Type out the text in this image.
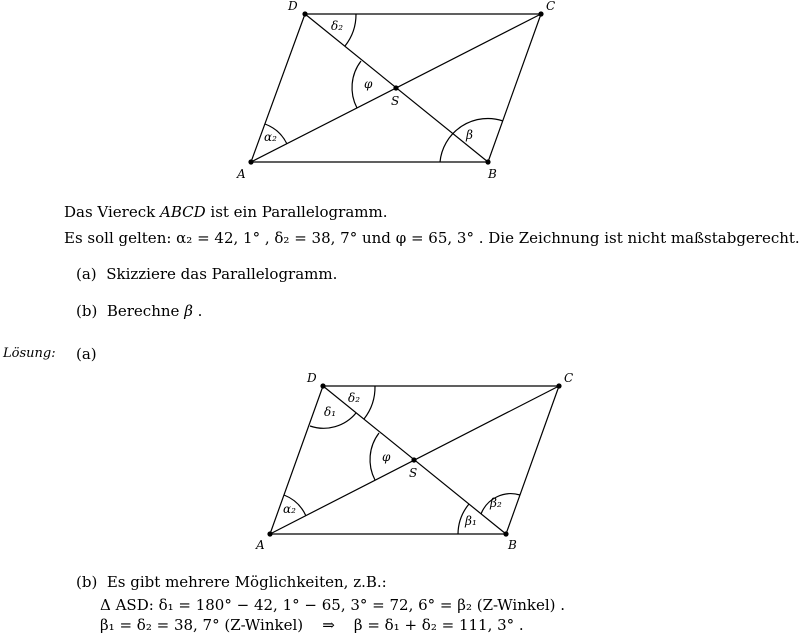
A	B
C
D
S
δ₂
φ
α₂	β
Das Viereck ABCD ist ein Parallelogramm.
Es soll gelten: α₂ = 42, 1° , δ₂ = 38, 7° und φ = 65, 3° . Die Zeichnung ist nicht maßstabgerecht.
(a) Skizziere das Parallelogramm.
(b) Berechne β .
Lösung: (a)
A	B
C
D
S
δ₂
δ₁
φ
α₂
β₁
β₂
(b) Es gibt mehrere Möglichkeiten, z.B.:
Δ ASD: δ₁ = 180° − 42, 1° − 65, 3° = 72, 6° = β₂ (Z-Winkel) .
β₁ = δ₂ = 38, 7° (Z-Winkel) ⇒ β = δ₁ + δ₂ = 111, 3° .
